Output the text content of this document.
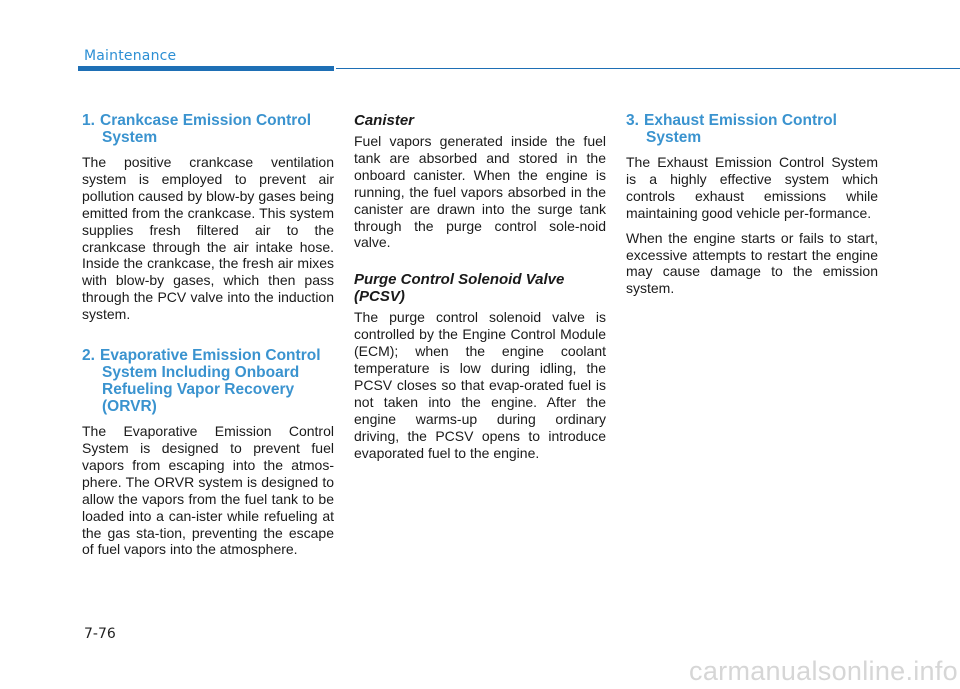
Maintenance
1. Crankcase Emission Control
System

The positive crankcase ventilation system is employed to prevent air pollution caused by blow-by gases being emitted from the crankcase. This system supplies fresh filtered air to the crankcase through the air intake hose. Inside the crankcase, the fresh air mixes with blow-by gases, which then pass through the PCV valve into the induction system.

2. Evaporative Emission Control
System Including Onboard
Refueling Vapor Recovery
(ORVR)

The Evaporative Emission Control System is designed to prevent fuel vapors from escaping into the atmos-phere. The ORVR system is designed to allow the vapors from the fuel tank to be loaded into a can-ister while refueling at the gas sta-tion, preventing the escape of fuel vapors into the atmosphere.

Canister

Fuel vapors generated inside the fuel tank are absorbed and stored in the onboard canister. When the engine is running, the fuel vapors absorbed in the canister are drawn into the surge tank through the purge control sole-noid valve.

Purge Control Solenoid Valve
(PCSV)

The purge control solenoid valve is controlled by the Engine Control Module (ECM); when the engine coolant temperature is low during idling, the PCSV closes so that evap-orated fuel is not taken into the engine. After the engine warms-up during ordinary driving, the PCSV opens to introduce evaporated fuel to the engine.

3. Exhaust Emission Control
System

The Exhaust Emission Control System is a highly effective system which controls exhaust emissions while maintaining good vehicle per-formance.

When the engine starts or fails to start, excessive attempts to restart the engine may cause damage to the emission system.

7-76
carmanualsonline.info
